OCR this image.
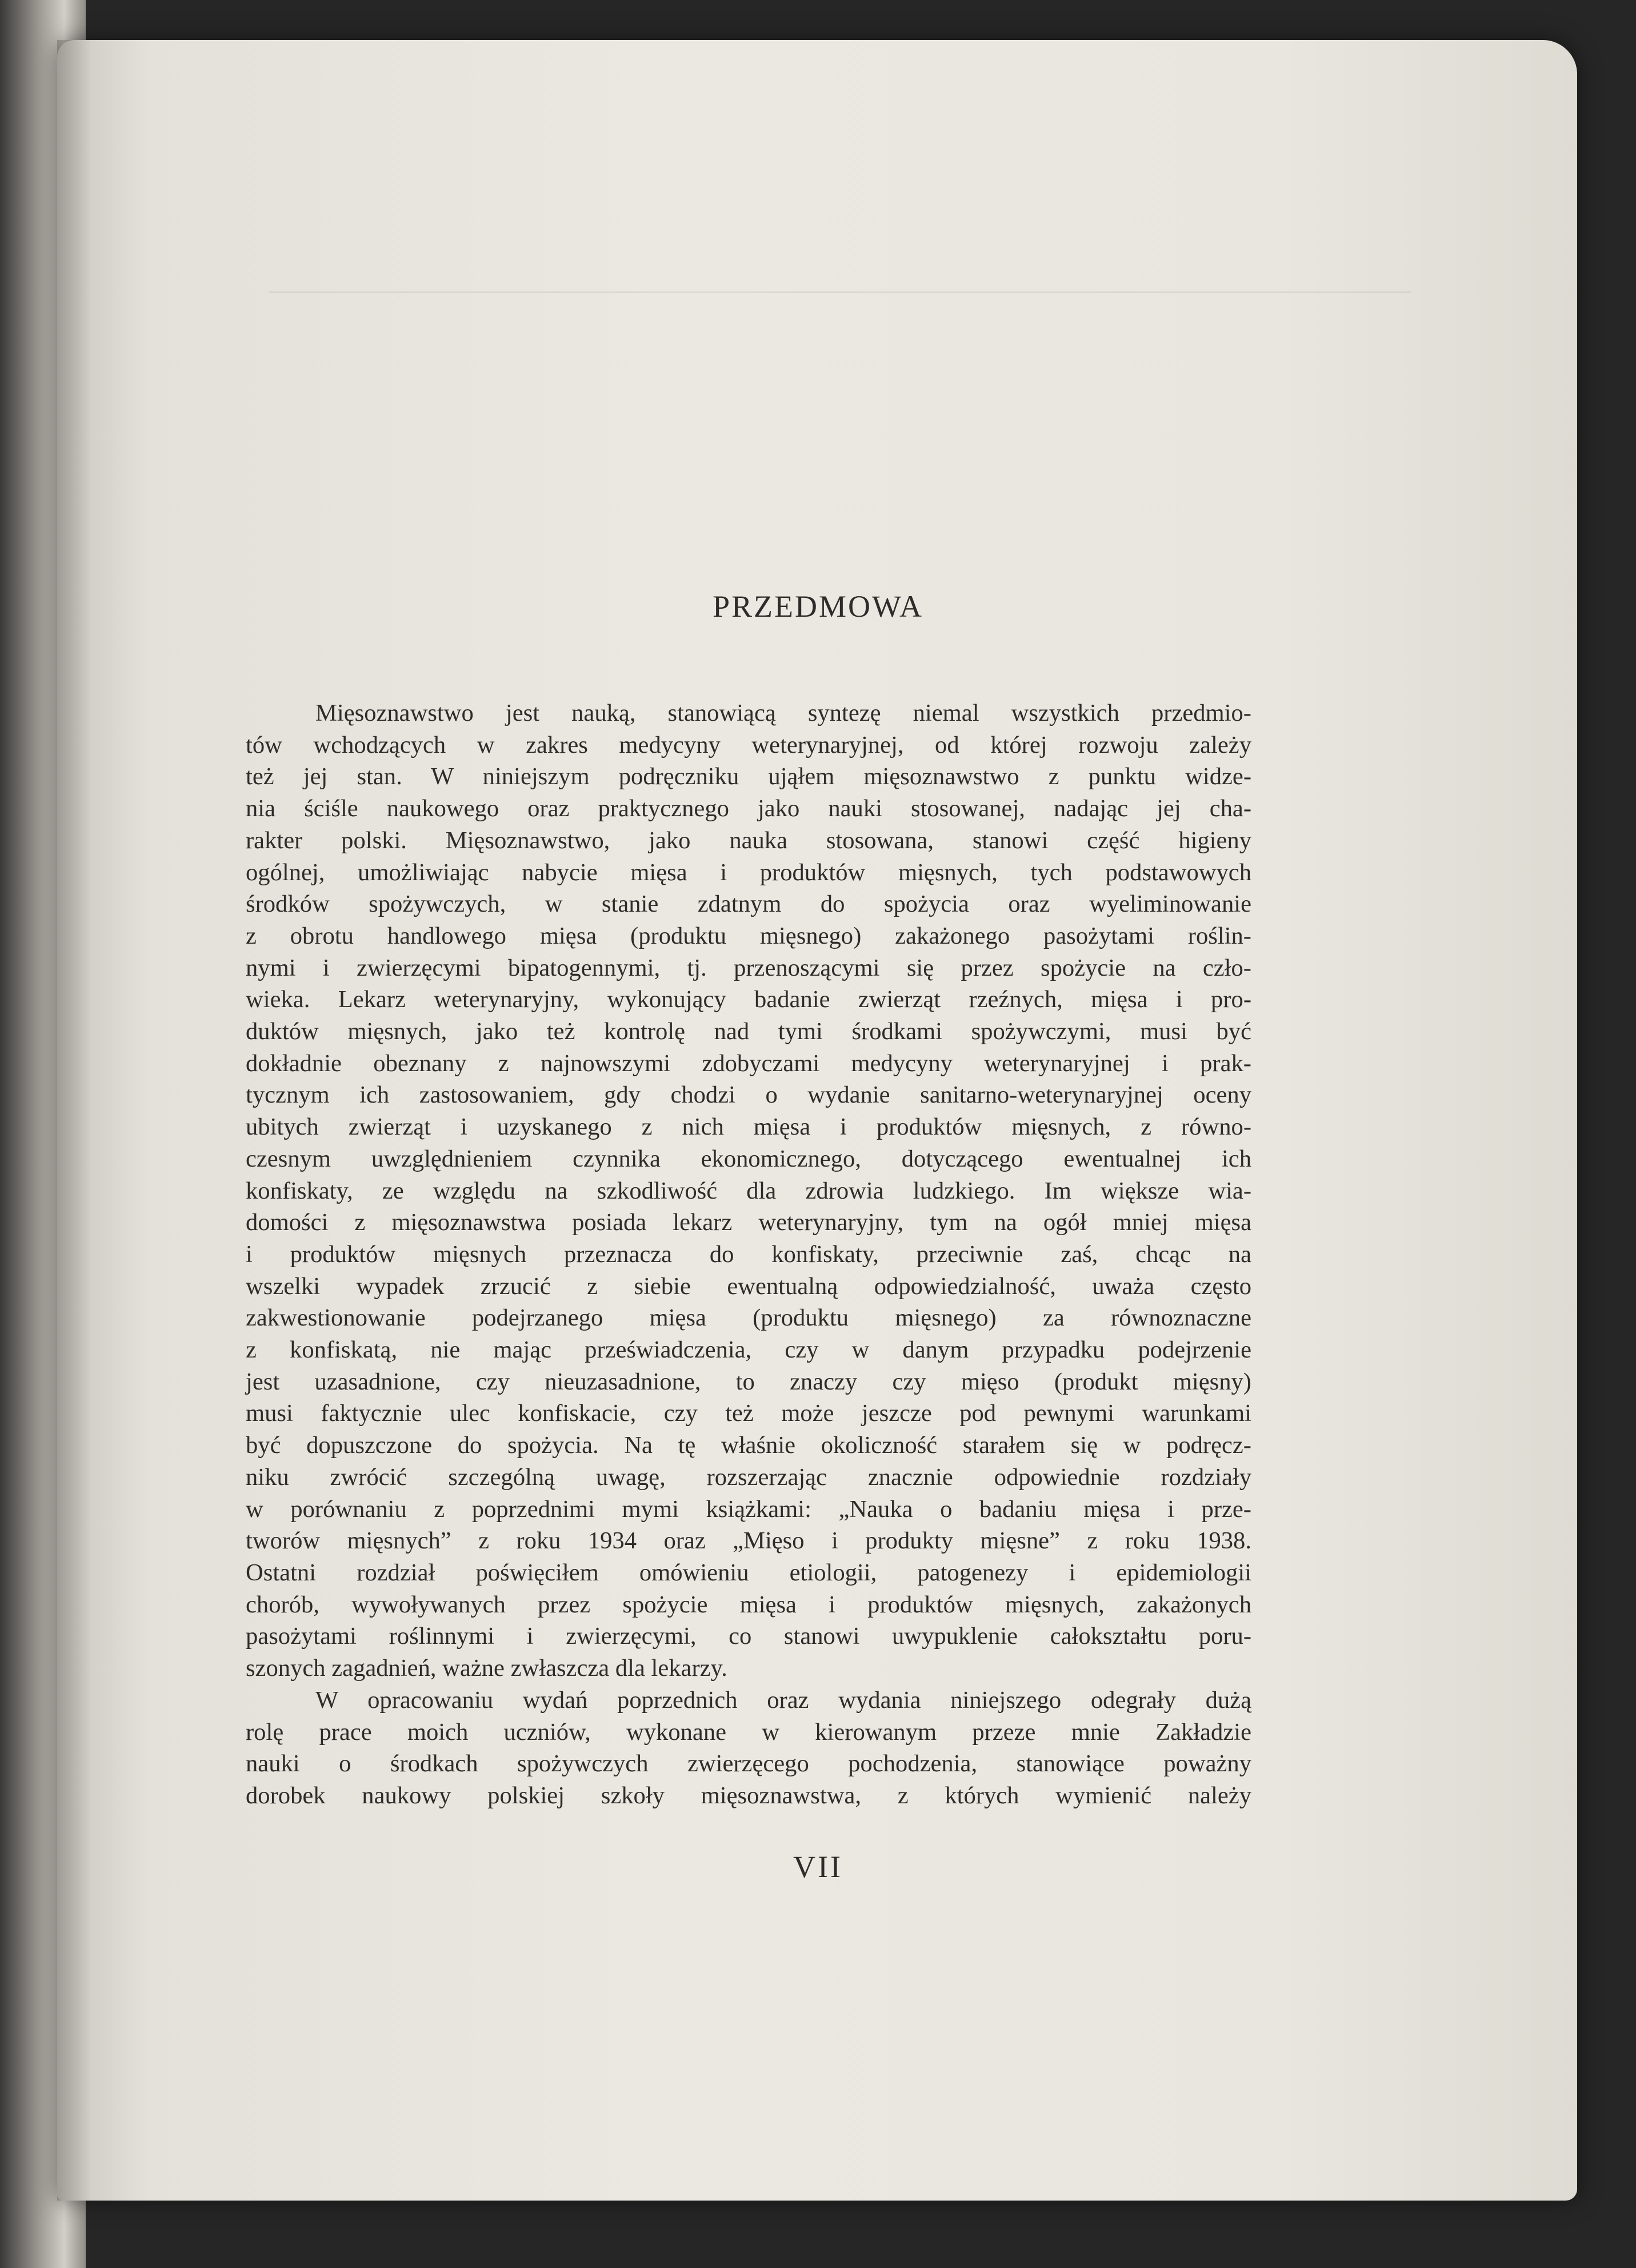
PRZEDMOWA
Mięsoznawstwo jest nauką, stanowiącą syntezę niemal wszystkich przedmio-
tów wchodzących w zakres medycyny weterynaryjnej, od której rozwoju zależy
też jej stan. W niniejszym podręczniku ująłem mięsoznawstwo z punktu widze-
nia ściśle naukowego oraz praktycznego jako nauki stosowanej, nadając jej cha-
rakter polski. Mięsoznawstwo, jako nauka stosowana, stanowi część higieny
ogólnej, umożliwiając nabycie mięsa i produktów mięsnych, tych podstawowych
środków spożywczych, w stanie zdatnym do spożycia oraz wyeliminowanie
z obrotu handlowego mięsa (produktu mięsnego) zakażonego pasożytami roślin-
nymi i zwierzęcymi bipatogennymi, tj. przenoszącymi się przez spożycie na czło-
wieka. Lekarz weterynaryjny, wykonujący badanie zwierząt rzeźnych, mięsa i pro-
duktów mięsnych, jako też kontrolę nad tymi środkami spożywczymi, musi być
dokładnie obeznany z najnowszymi zdobyczami medycyny weterynaryjnej i prak-
tycznym ich zastosowaniem, gdy chodzi o wydanie sanitarno-weterynaryjnej oceny
ubitych zwierząt i uzyskanego z nich mięsa i produktów mięsnych, z równo-
czesnym uwzględnieniem czynnika ekonomicznego, dotyczącego ewentualnej ich
konfiskaty, ze względu na szkodliwość dla zdrowia ludzkiego. Im większe wia-
domości z mięsoznawstwa posiada lekarz weterynaryjny, tym na ogół mniej mięsa
i produktów mięsnych przeznacza do konfiskaty, przeciwnie zaś, chcąc na
wszelki wypadek zrzucić z siebie ewentualną odpowiedzialność, uważa często
zakwestionowanie podejrzanego mięsa (produktu mięsnego) za równoznaczne
z konfiskatą, nie mając przeświadczenia, czy w danym przypadku podejrzenie
jest uzasadnione, czy nieuzasadnione, to znaczy czy mięso (produkt mięsny)
musi faktycznie ulec konfiskacie, czy też może jeszcze pod pewnymi warunkami
być dopuszczone do spożycia. Na tę właśnie okoliczność starałem się w podręcz-
niku zwrócić szczególną uwagę, rozszerzając znacznie odpowiednie rozdziały
w porównaniu z poprzednimi mymi książkami: „Nauka o badaniu mięsa i prze-
tworów mięsnych” z roku 1934 oraz „Mięso i produkty mięsne” z roku 1938.
Ostatni rozdział poświęciłem omówieniu etiologii, patogenezy i epidemiologii
chorób, wywoływanych przez spożycie mięsa i produktów mięsnych, zakażonych
pasożytami roślinnymi i zwierzęcymi, co stanowi uwypuklenie całokształtu poru-
szonych zagadnień, ważne zwłaszcza dla lekarzy.
W opracowaniu wydań poprzednich oraz wydania niniejszego odegrały dużą
rolę prace moich uczniów, wykonane w kierowanym przeze mnie Zakładzie
nauki o środkach spożywczych zwierzęcego pochodzenia, stanowiące poważny
dorobek naukowy polskiej szkoły mięsoznawstwa, z których wymienić należy
VII
